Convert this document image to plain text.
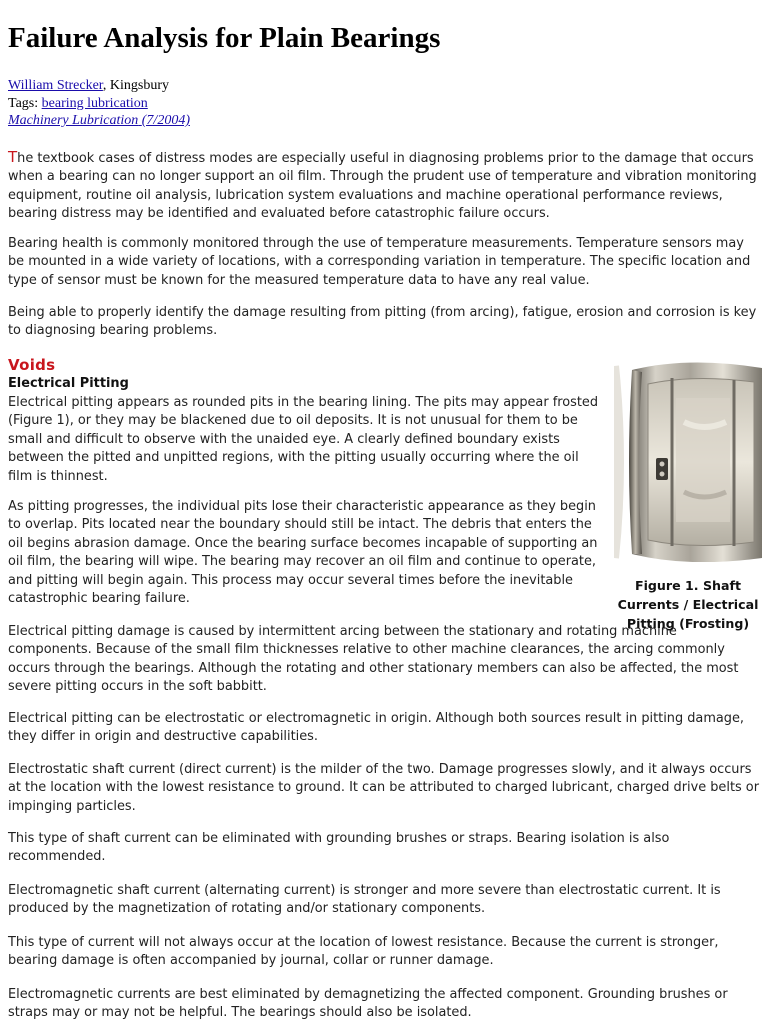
Failure Analysis for Plain Bearings
William Strecker, Kingsbury
Tags: bearing lubrication
Machinery Lubrication (7/2004)

The textbook cases of distress modes are especially useful in diagnosing problems prior to the damage that occurs when a bearing can no longer support an oil film. Through the prudent use of temperature and vibration monitoring equipment, routine oil analysis, lubrication system evaluations and machine operational performance reviews, bearing distress may be identified and evaluated before catastrophic failure occurs.

Bearing health is commonly monitored through the use of temperature measurements. Temperature sensors may be mounted in a wide variety of locations, with a corresponding variation in temperature. The specific location and type of sensor must be known for the measured temperature data to have any real value.

Being able to properly identify the damage resulting from pitting (from arcing), fatigue, erosion and corrosion is key to diagnosing bearing problems.

Voids
Electrical Pitting

Electrical pitting appears as rounded pits in the bearing lining. The pits may appear frosted (Figure 1), or they may be blackened due to oil deposits. It is not unusual for them to be small and difficult to observe with the unaided eye. A clearly defined boundary exists between the pitted and unpitted regions, with the pitting usually occurring where the oil film is thinnest.

As pitting progresses, the individual pits lose their characteristic appearance as they begin to overlap. Pits located near the boundary should still be intact. The debris that enters the oil begins abrasion damage. Once the bearing surface becomes incapable of supporting an oil film, the bearing will wipe. The bearing may recover an oil film and continue to operate, and pitting will begin again. This process may occur several times before the inevitable catastrophic bearing failure.

Electrical pitting damage is caused by intermittent arcing between the stationary and rotating machine components. Because of the small film thicknesses relative to other machine clearances, the arcing commonly occurs through the bearings. Although the rotating and other stationary members can also be affected, the most severe pitting occurs in the soft babbitt.

Electrical pitting can be electrostatic or electromagnetic in origin. Although both sources result in pitting damage, they differ in origin and destructive capabilities.

Electrostatic shaft current (direct current) is the milder of the two. Damage progresses slowly, and it always occurs at the location with the lowest resistance to ground. It can be attributed to charged lubricant, charged drive belts or impinging particles.

This type of shaft current can be eliminated with grounding brushes or straps. Bearing isolation is also recommended.

Electromagnetic shaft current (alternating current) is stronger and more severe than electrostatic current. It is produced by the magnetization of rotating and/or stationary components.

This type of current will not always occur at the location of lowest resistance. Because the current is stronger, bearing damage is often accompanied by journal, collar or runner damage.

Electromagnetic currents are best eliminated by demagnetizing the affected component. Grounding brushes or straps may or may not be helpful. The bearings should also be isolated.

Figure 1. Shaft Currents / Electrical Pitting (Frosting)
